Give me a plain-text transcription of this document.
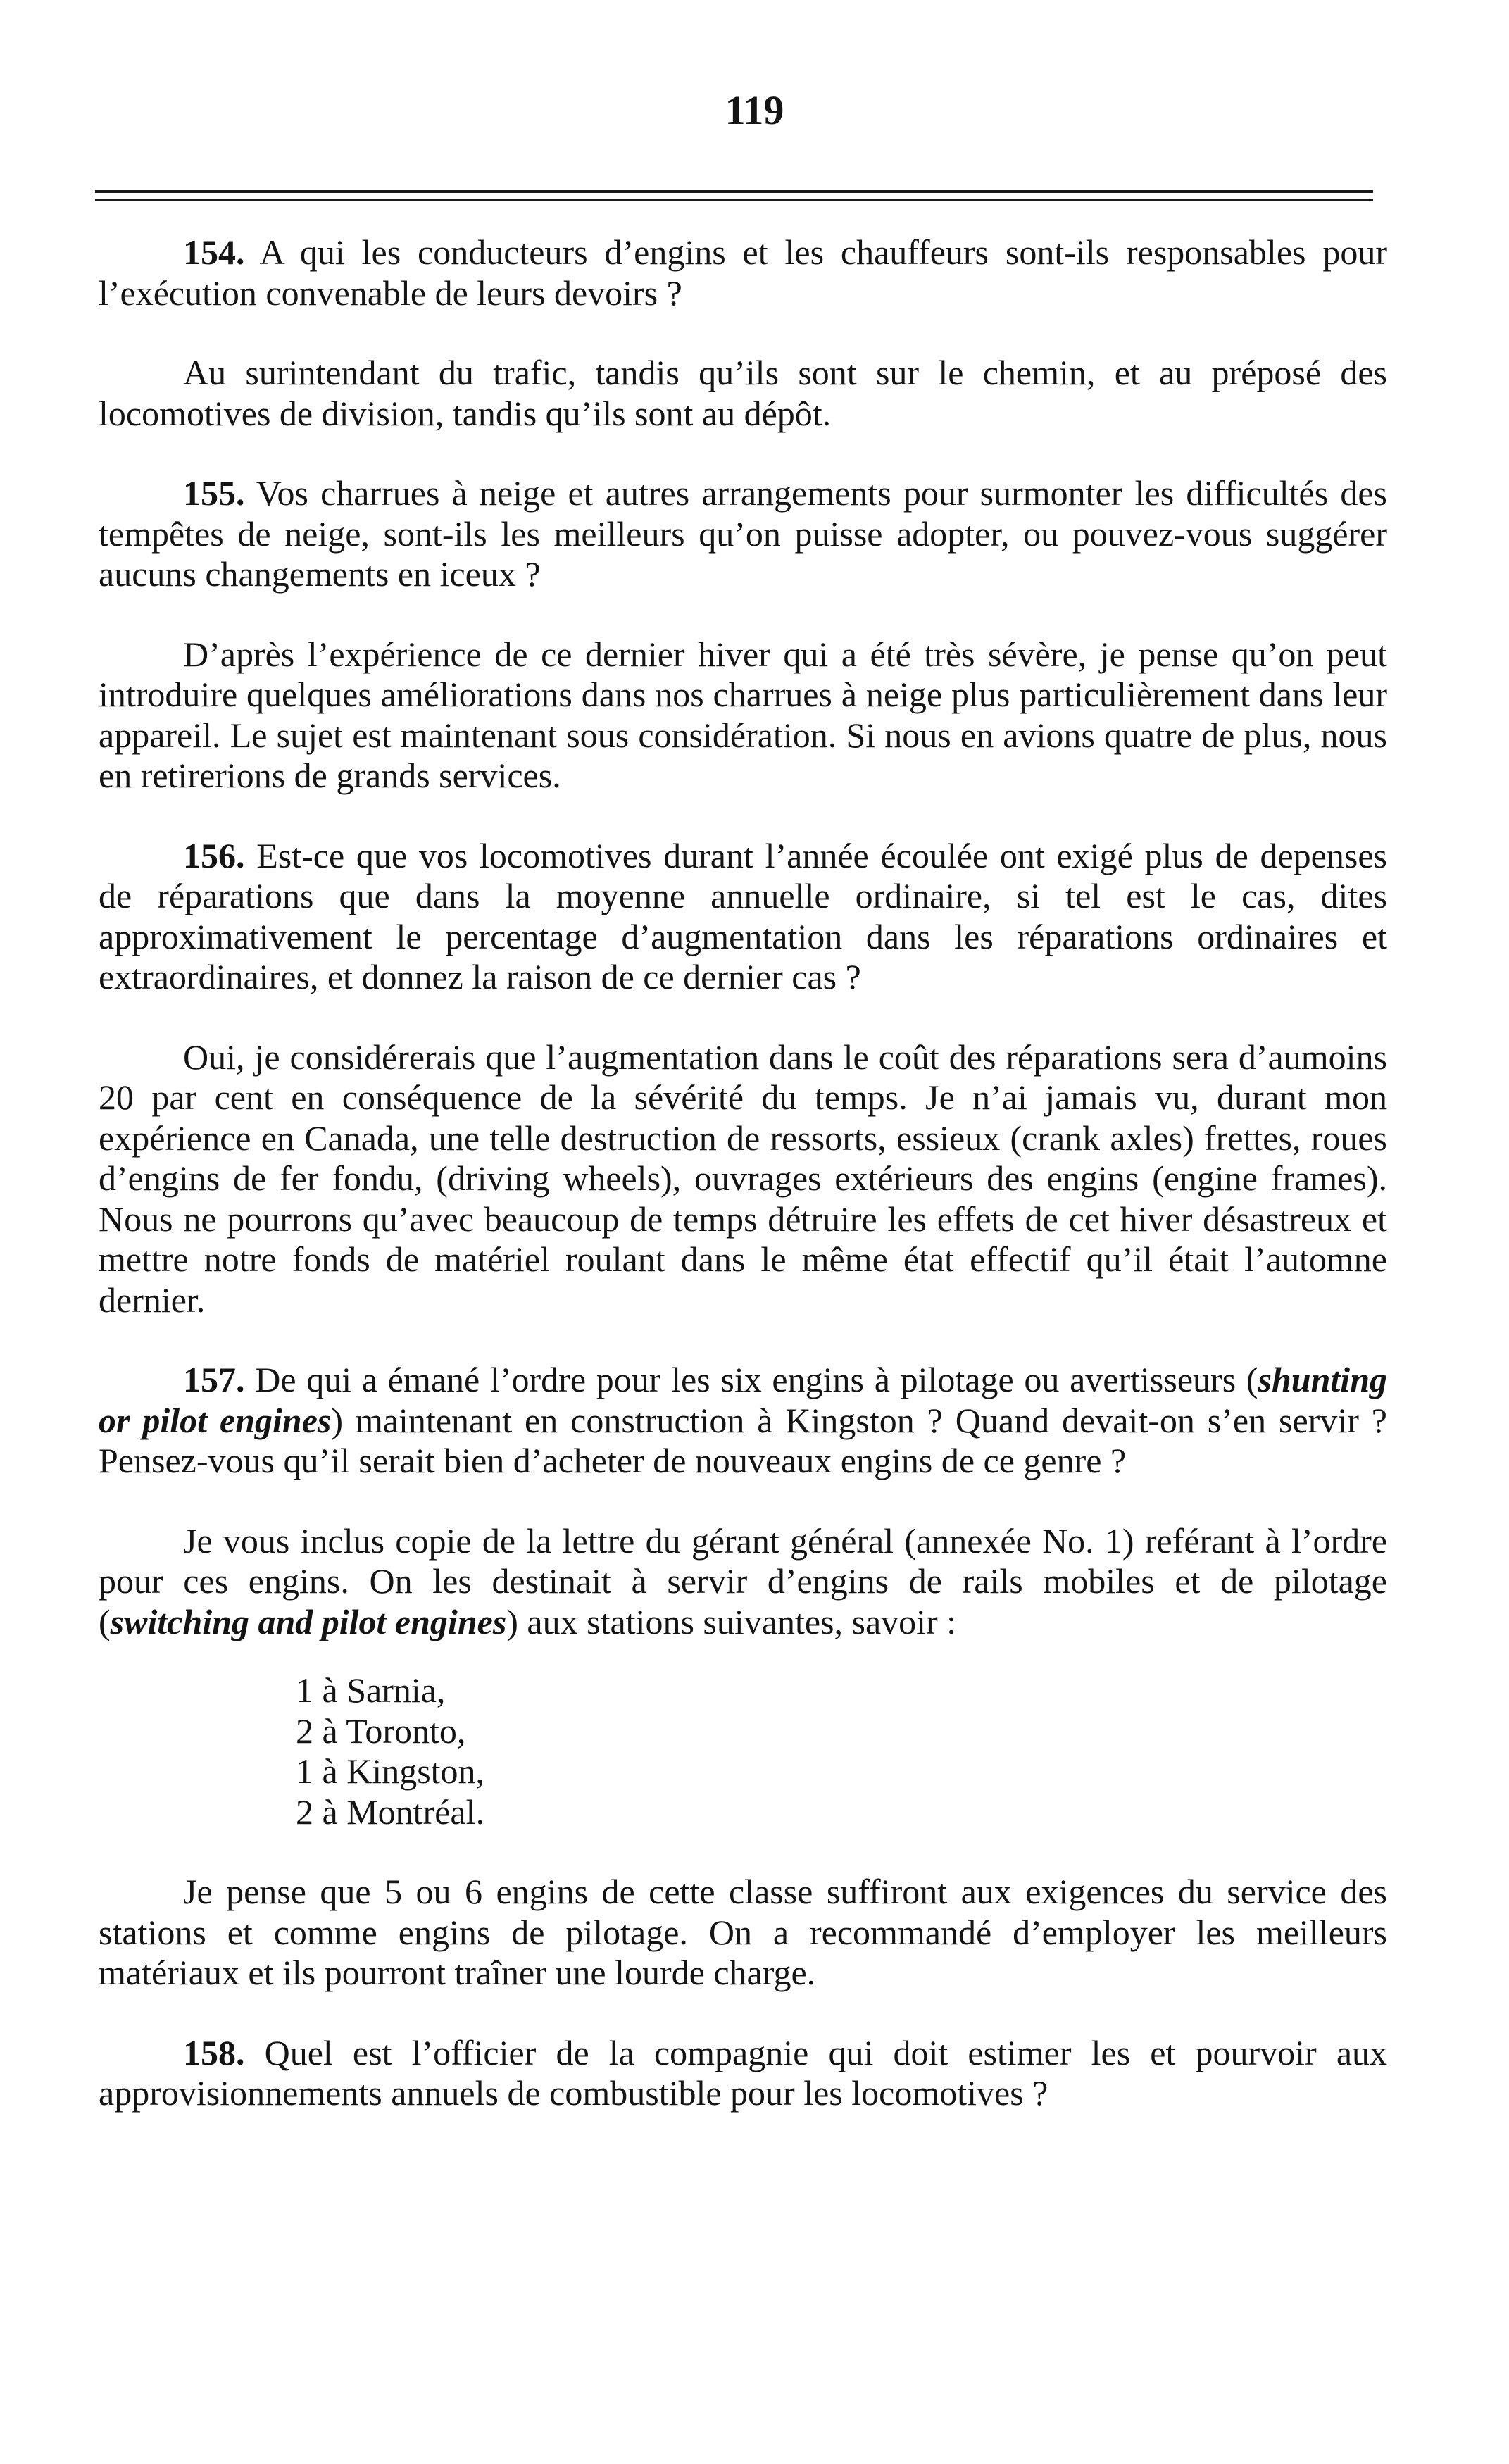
119

154. A qui les conducteurs d’engins et les chauffeurs sont-ils responsables pour l’exécution convenable de leurs devoirs ?

Au surintendant du trafic, tandis qu’ils sont sur le chemin, et au préposé des locomotives de division, tandis qu’ils sont au dépôt.

155. Vos charrues à neige et autres arrangements pour surmonter les difficultés des tempêtes de neige, sont-ils les meilleurs qu’on puisse adopter, ou pouvez-vous suggérer aucuns changements en iceux ?

D’après l’expérience de ce dernier hiver qui a été très sévère, je pense qu’on peut introduire quelques améliorations dans nos charrues à neige plus particulièrement dans leur appareil. Le sujet est maintenant sous considération. Si nous en avions quatre de plus, nous en retirerions de grands services.

156. Est-ce que vos locomotives durant l’année écoulée ont exigé plus de depenses de réparations que dans la moyenne annuelle ordinaire, si tel est le cas, dites approximativement le percentage d’augmentation dans les réparations ordinaires et extraordinaires, et donnez la raison de ce dernier cas ?

Oui, je considérerais que l’augmentation dans le coût des réparations sera d’aumoins 20 par cent en conséquence de la sévérité du temps. Je n’ai jamais vu, durant mon expérience en Canada, une telle destruction de ressorts, essieux (crank axles) frettes, roues d’engins de fer fondu, (driving wheels), ouvrages extérieurs des engins (engine frames). Nous ne pourrons qu’avec beaucoup de temps détruire les effets de cet hiver désastreux et mettre notre fonds de matériel roulant dans le même état effectif qu’il était l’automne dernier.

157. De qui a émané l’ordre pour les six engins à pilotage ou avertisseurs (shunting or pilot engines) maintenant en construction à Kingston ? Quand devait-on s’en servir ? Pensez-vous qu’il serait bien d’acheter de nouveaux engins de ce genre ?

Je vous inclus copie de la lettre du gérant général (annexée No. 1) reférant à l’ordre pour ces engins. On les destinait à servir d’engins de rails mobiles et de pilotage (switching and pilot engines) aux stations suivantes, savoir :

1 à Sarnia,
2 à Toronto,
1 à Kingston,
2 à Montréal.

Je pense que 5 ou 6 engins de cette classe suffiront aux exigences du service des stations et comme engins de pilotage. On a recommandé d’employer les meilleurs matériaux et ils pourront traîner une lourde charge.

158. Quel est l’officier de la compagnie qui doit estimer les et pourvoir aux approvisionnements annuels de combustible pour les locomotives ?
